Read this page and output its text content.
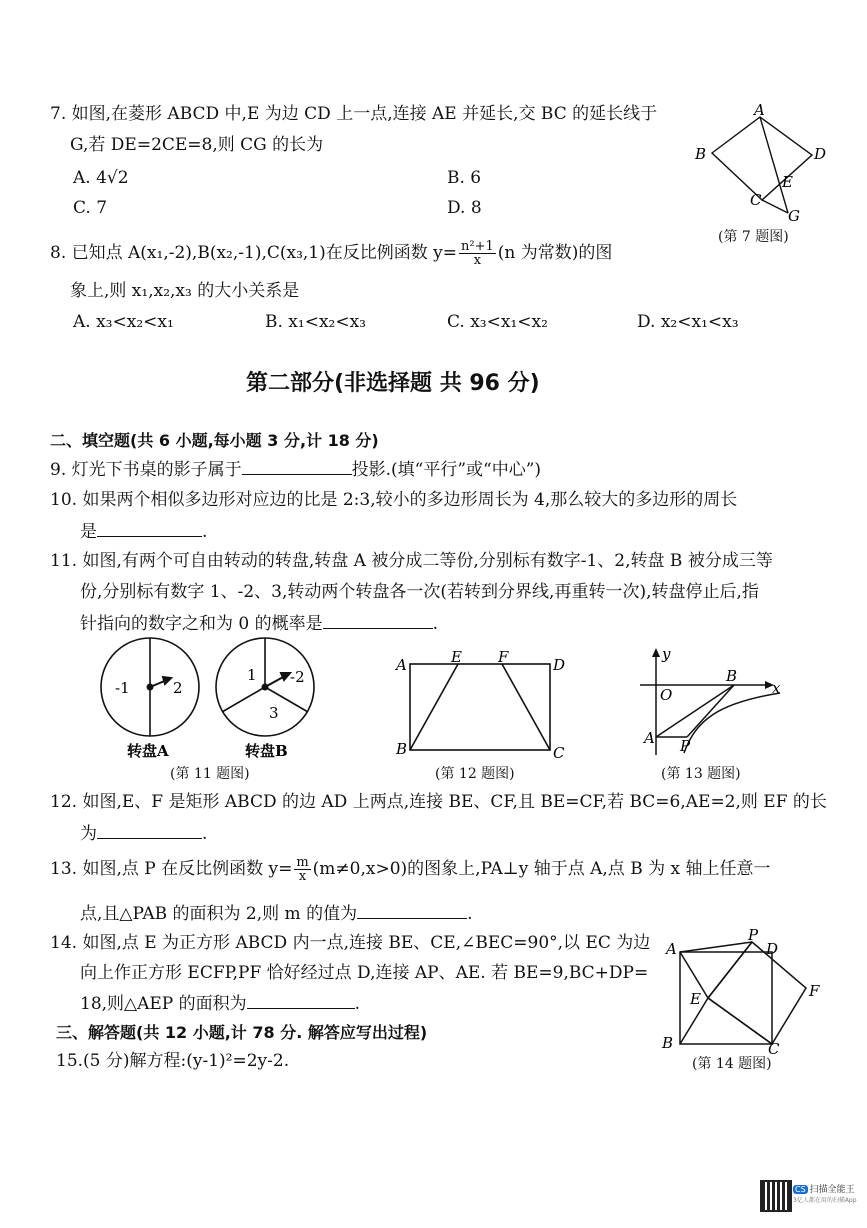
7. 如图,在菱形 ABCD 中,E 为边 CD 上一点,连接 AE 并延长,交 BC 的延长线于
G,若 DE=2CE=8,则 CG 的长为
A. 4√2	B. 6
C. 7	D. 8
A
B	D
C
E
G
(第 7 题图)
8. 已知点 A(x₁,-2),B(x₂,-1),C(x₃,1)在反比例函数 $y= \frac{\text{n²+1}}{x} (n$ 为常数)的图
象上,则 x₁,x₂,x₃ 的大小关系是
A. x₃<x₂<x₁	B. x₁<x₂<x₃	C. x₃<x₁<x₂	D. x₂<x₁<x₃
第二部分(非选择题 共 96 分)
二、填空题(共 6 小题,每小题 3 分,计 18 分)
9. 灯光下书桌的影子属于	投影.(填“平行”或“中心”)
10. 如果两个相似多边形对应边的比是 2:3,较小的多边形周长为 4,那么较大的多边形的周长
是	.
11. 如图,有两个可自由转动的转盘,转盘 A 被分成二等份,分别标有数字-1、2,转盘 B 被分成三等
份,分别标有数字 1、-2、3,转动两个转盘各一次(若转到分界线,再重转一次),转盘停止后,指
针指向的数字之和为 0 的概率是	.
-1	2
1 -2
3
转盘A	转盘B
(第 11 题图)
A	E F	D
B	C
(第 12 题图)
y
x
O
B
A P
(第 13 题图)
12. 如图,E、F 是矩形 ABCD 的边 AD 上两点,连接 BE、CF,且 BE=CF,若 BC=6,AE=2,则 EF 的长
为	.
13. 如图,点 P 在反比例函数 $y= \frac{m}{x} (m\ne 0,x>0)$的图象上,PA⊥y 轴于点 A,点 B 为 x 轴上任意一
点,且△PAB 的面积为 2,则 m 的值为	.
14. 如图,点 E 为正方形 ABCD 内一点,连接 BE、CE,∠BEC=90°,以 EC 为边
向上作正方形 ECFP,PF 恰好经过点 D,连接 AP、AE. 若 BE=9,BC+DP=
18,则△AEP 的面积为	.
A
P
D
E	F
B	C
(第 14 题图)
三、解答题(共 12 小题,计 78 分. 解答应写出过程)
15.(5 分)解方程:(y-1)²=2y-2.
CS 扫描全能王
3亿人都在用的扫描App
